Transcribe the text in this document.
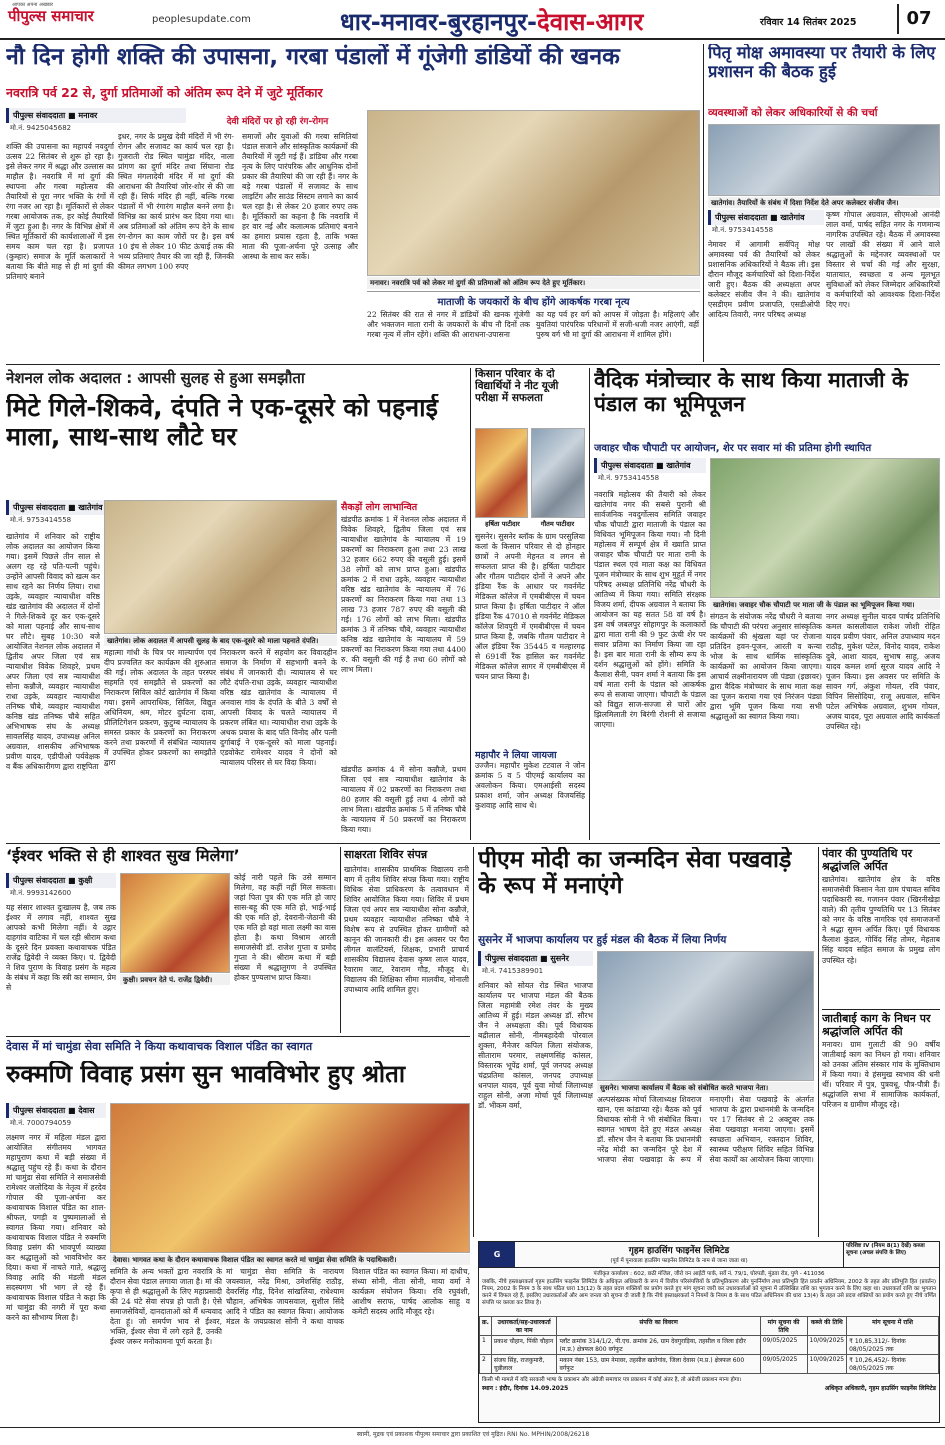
आपका अपना अखबार
पीपुल्स समाचार	peoplesupdate.com	धार-मनावर-बुरहानपुर-देवास-आगर	रविवार 14 सितंबर 2025	07
नौ दिन होगी शक्ति की उपासना, गरबा पंडालों में गूंजेगी डांडियों की खनक
नवरात्रि पर्व 22 से, दुर्गा प्रतिमाओं को अंतिम रूप देने में जुटे मूर्तिकार
पीपुल्स संवाददाता ■ मनावर
मो.नं. 9425045682
देवी मंदिरों पर हो रही रंग-रोगन
शक्ति की उपासना का महापर्व नवदुर्गा उत्सव 22 सितंबर से शुरू हो रहा है। इसे लेकर नगर में श्रद्धा और उल्लास का माहौल है। नवरात्रि में मां दुर्गा की स्थापना और गरबा महोत्सव की तैयारियों से पूरा नगर भक्ति के रंगों में रंगा नजर आ रहा है। मूर्तिकारों से लेकर गरबा आयोजक तक, हर कोई तैयारियों में जुटा हुआ है। नगर के विभिन्न क्षेत्रों में स्थित मूर्तिकारों की कार्यशालाओं में इस समय काम चल रहा है। प्रजापत (कुम्हार) समाज के मूर्ति कलाकारों ने बताया कि बीते माह से ही मां दुर्गा की प्रतिमाएं बनाने
इधर, नगर के प्रमुख देवी मंदिरों में भी रंग-रोगन और सजावट का कार्य चल रहा है। गुजराती रोड स्थित चामुंडा मंदिर, नाला प्रांगण का दुर्गा मंदिर तथा सिंघाना रोड स्थित मंगलादेवी मंदिर में मां दुर्गा की आराधना की तैयारियां जोर-शोर से की जा रही हैं। सिर्फ मंदिर ही नहीं, बल्कि गरबा पंडालों में भी रंगारंग माहौल बनने लगा है। विभिन्न का कार्य प्रारंभ कर दिया गया था। अब प्रतिमाओं को अंतिम रूप देने के साथ रंग-रोगन का काम जोरों पर है। इस वर्ष 10 इंच से लेकर 10 फीट ऊंचाई तक की भव्य प्रतिमाएं तैयार की जा रही हैं, जिनकी कीमत लगभग 100 रुपए
समाजों और युवाओं की गरबा समितियां पंडाल सजाने और सांस्कृतिक कार्यक्रमों की तैयारियों में जुटी गई हैं। डांडिया और गरबा नृत्य के लिए पारंपरिक और आधुनिक दोनों प्रकार की तैयारियां की जा रही हैं। नगर के बड़े गरबा पंडालों में सजावट के साथ लाइटिंग और साउंड सिस्टम लगाने का कार्य चल रहा है। से लेकर 20 हजार रुपए तक है। मूर्तिकारों का कहना है कि नवरात्रि में हर वार नई और कलात्मक प्रतिमाएं बनाने का हमारा प्रयास रहता है, ताकि भक्त माता की पूजा-अर्चना पूरे उत्साह और आस्था के साथ कर सकें।
मनावर। नवरात्रि पर्व को लेकर मां दुर्गा की प्रतिमाओं को अंतिम रूप देते हुए मूर्तिकार।
माताजी के जयकारों के बीच होंगे आकर्षक गरबा नृत्य
22 सितंबर की रात से नगर में डांडियों की खनक गूंजेगी और भक्तजन माता रानी के जयकारों के बीच नौ दिनों तक गरबा नृत्य में लीन रहेंगे। शक्ति की आराधना-उपासना
का यह पर्व हर वर्ग को आपस में जोड़ता है। महिलाएं और युवतियां पारंपरिक परिधानों में सजी-धजी नजर आएंगी, वहीं पुरुष वर्ग भी मां दुर्गा की आराधना में शामिल होंगे।
पितृ मोक्ष अमावस्या पर तैयारी के लिए प्रशासन की बैठक हुई
व्यवस्थाओं को लेकर अधिकारियों से की चर्चा
खातेगांव। तैयारियों के संबंध में दिशा निर्देश देते अपर कलेक्टर संजीव जैन।
पीपुल्स संवाददाता ■ खातेगांव
मो.नं. 9753414558
नेमावर में आगामी सर्वपितृ मोक्ष अमावस्या पर्व की तैयारियों को लेकर प्रशासनिक अधिकारियों ने बैठक ली। इस दौरान मौजूद कर्मचारियों को दिशा-निर्देश जारी हुए। बैठक की अध्यक्षता अपर कलेक्टर संजीव जैन ने की। खातेगांव एसडीएम प्रवीण प्रजापति, एसडीओपी आदित्य तिवारी, नगर परिषद अध्यक्ष
कृष्ण गोपाल अग्रवाल, सीएमओ आनंदी लाल वर्मा, पार्षद सहित नगर के गणमान्य नागरिक उपस्थित रहे। बैठक में अमावस्या पर लाखों की संख्या में आने वाले श्रद्धालुओं के मद्देनजर व्यवस्थाओं पर विस्तार से चर्चा की गई और सुरक्षा, यातायात, स्वच्छता व अन्य मूलभूत सुविधाओं को लेकर जिम्मेदार अधिकारियों व कर्मचारियों को आवश्यक दिशा-निर्देश दिए गए।
नेशनल लोक अदालत : आपसी सुलह से हुआ समझौता
मिटे गिले-शिकवे, दंपति ने एक-दूसरे को पहनाई माला, साथ-साथ लौटे घर
पीपुल्स संवाददाता ■ खातेगांव
मो.नं. 9753414558
खातेगांव में शनिवार को राष्ट्रीय लोक अदालत का आयोजन किया गया। इसमें पिछले तीन साल से अलग रह रहे पति-पत्नी पहुंचे। उन्होंने आपसी विवाद को खत्म कर साथ रहने का निर्णय लिया। राधा उइके, व्यवहार न्यायाधीश वरिष्ठ खंड खातेगांव की अदालत में दोनों ने गिले-शिकवे दूर कर एक-दूसरे को माला पहनाई और साथ-साथ घर लौटे। सुबह 10:30 बजे आयोजित नेशनल लोक अदालत में द्वितीय अपर जिला एवं सत्र न्यायाधीश विवेक शिवहरे, प्रथम अपर जिला एवं सत्र न्यायाधीश सोना कन्नौजे, व्यवहार न्यायाधीश राधा उइके, व्यवहार न्यायाधीश तनिष्क चौबे, व्यवहार न्यायाधीश कनिष्ठ खंड तनिष्क चौबे सहित अभिभाषक संघ के अध्यक्ष सावलसिंह यादव, उपाध्यक्ष अनिल अग्रवाल, शासकीय अभिभाषक प्रवीण यादव, एडीपीओ पर्यवेक्षक व बैंक अधिकारीगण द्वारा राष्ट्रपिता
खातेगांव। लोक अदालत में आपसी सुलह के बाद एक-दूसरे को माला पहनाते दंपति।
महात्मा गांधी के चित्र पर माल्यार्पण एवं दीप प्रज्वलित कर कार्यक्रम की शुरुआत की गई। लोक अदालत के तहत परस्पर सहमति एवं समझौते से प्रकरणों का निराकरण सिविल कोर्ट खातेगांव में किया गया। इसमें आपराधिक, सिविल, विद्युत अधिनियम, श्रम, मोटर दुर्घटना दावा, प्रीलिटिगेशन प्रकरण, कुटुम्ब न्यायालय के समस्त प्रकार के प्रकरणों का निराकरण करने तथा प्रकरणों में संबंधित न्यायालय में उपस्थित होकर प्रकरणों का समझौते द्वारा
निराकरण करने में सहयोग कर विवादहीन समाज के निर्माण में सहभागी बनने के संबंध में जानकारी दी। न्यायालय से घर लौटे दंपति-राधा उइके, व्यवहार न्यायाधीश वरिष्ठ खंड खातेगांव के न्यायालय में अनवास गांव के दंपति के बीते 3 वर्षों से आपसी विवाद के चलते न्यायालय में प्रकरण लंबित था। न्यायाधीश राधा उइके के अथक प्रयास के बाद पति विनोद और पत्नी दुर्गाबाई ने एक-दूसरे को माला पहनाई। एडवोकेट रामेश्वर यादव ने दोनों को न्यायालय परिसर से घर विदा किया।
सैकड़ों लोग लाभान्वित
खंडपीठ क्रमांक 1 में नेशनल लोक अदालत में विवेक शिवहरे, द्वितीय जिला एवं सत्र न्यायाधीश खातेगांव के न्यायालय में 19 प्रकरणों का निराकरण हुआ तथा 23 लाख 32 हजार 662 रुपए की वसूली हुई। इसमें 38 लोगों को लाभ प्राप्त हुआ। खंडपीठ क्रमांक 2 में राधा उइके, व्यवहार न्यायाधीश वरिष्ठ खंड खातेगांव के न्यायालय में 76 प्रकरणों का निराकरण किया गया तथा 13 लाख 73 हजार 787 रुपए की वसूली की गई। 176 लोगों को लाभ मिला। खंडपीठ क्रमांक 3 में तनिष्क चौबे, व्यवहार न्यायाधीश कनिष्ठ खंड खातेगांव के न्यायालय में 59 प्रकरणों का निराकरण किया गया तथा 4400 रु. की वसूली की गई है तथा 60 लोगों को लाभ मिला।
खंडपीठ क्रमांक 4 में सोना कन्नौजे, प्रथम जिला एवं सत्र न्यायाधीश खातेगांव के न्यायालय में 02 प्रकरणों का निराकरण तथा 80 हजार की वसूली हुई तथा 4 लोगों को लाभ मिला। खंडपीठ क्रमांक 5 में तनिष्क चौबे के न्यायालय में 50 प्रकरणों का निराकरण किया गया।
किसान परिवार के दो विद्यार्थियों ने नीट यूजी परीक्षा में सफलता
हर्षिता पाटीदार	गौतम पाटीदार
सुसनेर। सुसनेर ब्लॉक के ग्राम परसुलिया कलां के किसान परिवार से दो होनहार छात्रों ने अपनी मेहनत व लगन से सफलता प्राप्त की है। हर्षिता पाटीदार और गौतम पाटीदार दोनों ने अपने और इंडिया रैंक के आधार पर गवर्नमेंट मेडिकल कॉलेज में एमबीबीएस में चयन प्राप्त किया है। हर्षिता पाटीदार ने ऑल इंडिया रैंक 47010 से गवर्नमेंट मेडिकल कॉलेज शिवपुरी में एमबीबीएस में चयन प्राप्त किया है, जबकि गौतम पाटीदार ने ऑल इंडिया रैंक 35445 व मल्हारगढ़ से 691वीं रैंक हासिल कर गवर्नमेंट मेडिकल कॉलेज सागर में एमबीबीएस में चयन प्राप्त किया है।
महापौर ने लिया जायजा
उज्जैन। महापौर मुकेश टटवाल ने जोन क्रमांक 5 व 5 पीएमई कार्यालय का अवलोकन किया। एमआईसी सदस्य प्रकाश शर्मा, जोन अध्यक्ष विजयसिंह कुशवाह आदि साथ थे।
वैदिक मंत्रोच्चार के साथ किया माताजी के पंडाल का भूमिपूजन
जवाहर चौक चौपाटी पर आयोजन, शेर पर सवार मां की प्रतिमा होगी स्थापित
पीपुल्स संवाददाता ■ खातेगांव
मो.नं. 9753414558
नवरात्रि महोत्सव की तैयारी को लेकर खातेगांव नगर की सबसे पुरानी श्री सार्वजनिक नवदुर्गोत्सव समिति जवाहर चौक चौपाटी द्वारा माताजी के पंडाल का विधिवत भूमिपूजन किया गया। नौ दिनी महोत्सव में सम्पूर्ण क्षेत्र में ख्याति प्राप्त जवाहर चौक चौपाटी पर माता रानी के पंडाल स्थल एवं माता कक्ष का विधिवत पूजन मंत्रोच्चार के साथ शुभ मुहूर्त में नगर परिषद अध्यक्ष प्रतिनिधि नरेंद्र चौधरी के आतिथ्य में किया गया। समिति संरक्षक विजय शर्मा, दीपक अग्रवाल ने बताया कि आयोजन का यह सतत 58 वां वर्ष है। इस वर्ष जबलपुर सोहागपुर के कलाकारों द्वारा माता रानी की 9 फुट ऊंची शेर पर सवार प्रतिमा का निर्माण किया जा रहा है। इस बार माता रानी के सौम्य रूप के दर्शन श्रद्धालुओं को होंगे। समिति के कैलाश सैनी, पवन शर्मा ने बताया कि इस वर्ष माता रानी के पंडाल को आकर्षक रूप से सजाया जाएगा। चौपाटी के पंडाल को विद्युत साज-सज्जा से चारों ओर झिलमिलाती रंग बिरंगी रोशनी से सजाया जाएगा।
खातेगांव। जवाहर चौक चौपाटी पर माता जी के पंडाल का भूमिपूजन किया गया।
संगठन के संयोजक नरेंद्र चौधरी ने बताया कि चौपाटी की परंपरा अनुसार सांस्कृतिक कार्यक्रमों की श्रृंखला यहां पर रोजाना प्रतिदिन हवन-पूजन, आरती व कन्या भोज के साथ धार्मिक सांस्कृतिक कार्यक्रमों का आयोजन किया जाएगा। आचार्य लक्ष्मीनारायण जी पंड्या (इछावर) द्वारा वैदिक मंत्रोच्चार के साथ माता कक्ष का पूजन कराया गया एवं निरंजन पंड्या द्वारा भूमि पूजन किया गया सभी श्रद्धालुओं का स्वागत किया गया।
नगर अध्यक्ष सुनील यादव पार्षद प्रतिनिधि कमल कासलीवाल राकेश जोशी रोहित यादव प्रवीण पंवार, अनिल उपाध्याय मदन राठौड़, मुकेश पटेल, विनोद यादव, राकेश दुबे, आशा यादव, सुभाष साहू, अजय यादव कमल शर्मा सूरज यादव आदि ने पूजन किया। इस अवसर पर समिति के सावन गर्ग, अंकुश गोयल, रवि पंवार, विपिन सिसोदिया, राजू अग्रवाल, सचिन पटेल अभिषेक अग्रवाल, शुभम गोयल, अजय यादव, पूरा अग्रवाल आदि कार्यकर्ता उपस्थित रहे।
‘ईश्वर भक्ति से ही शाश्वत सुख मिलेगा’
पीपुल्स संवाददाता ■ कुक्षी
मो.नं. 9993142600
यह संसार शाश्वत दुःखालय है, जब तक ईश्वर में लगाव नहीं, शाश्वत सुख आपको कभी मिलेगा नहीं। ये उद्गार दाहगांव वाटिका में चल रही श्रीराम कथा के दूसरे दिन प्रवक्ता कथावाचक पंडित राजेंद्र द्विवेदी ने व्यक्त किए। पं. द्विवेदी ने शिव पुराण के विवाह प्रसंग के महत्व के संबंध में कहा कि स्त्री का सम्मान, प्रेम से
कुक्षी। प्रवचन देते पं. राजेंद्र द्विवेदी।
कोई नारी पहले कि उसे सम्मान मिलेगा, वह कहीं नहीं मिल सकता। जहां पिता पुत्र की एक मति हो जाए सास-बहू की एक मति हो, भाई-भाई की एक मति हो, देवरानी-जेठानी की एक मति हो वहां माता लक्ष्मी का वास होता है। कथा विश्राम आरती समाजसेवी डॉ. राजेश गुप्ता व प्रमोद गुप्ता ने की। श्रीराम कथा में बड़ी संख्या में श्रद्धालुगण ने उपस्थित होकर पुण्यलाभ प्राप्त किया।
साक्षरता शिविर संपन्न
खातेगांव। शासकीय प्राथमिक विद्यालय रानी बाग में तृतीय शिविर संपन्न किया गया। राष्ट्रीय विधिक सेवा प्राधिकरण के तत्वावधान में शिविर आयोजित किया गया। शिविर में प्रथम जिला एवं अपर सत्र न्यायाधीश सोना कन्नौजे, प्रथम व्यवहार न्यायाधीश तनिष्का चौबे ने विशेष रूप से उपस्थित होकर ग्रामीणों को कानून की जानकारी दी। इस अवसर पर पैरा लीगल वालंटियर्स, शिक्षक, प्रभारी प्राचार्य शासकीय विद्यालय देवास कृष्ण लाल यादव, रैवाराम जाट, रेवाराम गौड़, मौजूद थे। विद्यालय की शिक्षिका सीमा मालवीय, मोनाली उपाध्याय आदि शामिल हुए।
पीएम मोदी का जन्मदिन सेवा पखवाड़े के रूप में मनाएंगे
सुसनेर में भाजपा कार्यालय पर हुई मंडल की बैठक में लिया निर्णय
पीपुल्स संवाददाता ■ सुसनेर
मो.नं. 7415389901
शनिवार को सोयत रोड स्थित भाजपा कार्यालय पर भाजपा मंडल की बैठक जिला महामंत्री रमेश तंवर के मुख्य आतिथ्य में हुई। मंडल अध्यक्ष डॉ. सौरभ जैन ने अध्यक्षता की। पूर्व विधायक बद्रीलाल सोनी, नीमबहादेवी पोरवाल शुक्ला, मैनेजर कपिल जिला संयोजक, सीताराम परमार, लक्ष्मणसिंह कांसल, विस्तारक भूपेंद्र शर्मा, पूर्व जनपद अध्यक्ष चंद्रप्रतिमा कांसल, जनपद उपाध्यक्ष धनपाल यादव, पूर्व युवा मोर्चा जिलाध्यक्ष राहुल सोनी, अजा मोर्चा पूर्व जिलाध्यक्ष डॉ. भीकम वर्मा,
सुसनेर। भाजपा कार्यालय में बैठक को संबोधित करते भाजपा नेता।
अल्पसंख्यक मोर्चा जिलाध्यक्ष शिवराज खान, एस कांडाप्या रहे। बैठक को पूर्व विधायक सोनी ने भी संबोधित किया। स्वागत भाषण देते हुए मंडल अध्यक्ष डॉ. सौरभ जैन ने बताया कि प्रधानमंत्री नरेंद्र मोदी का जन्मदिन पूरे देश में भाजपा सेवा पखवाड़ा के रूप में मनाएगी। सेवा पखवाड़े के अंतर्गत भाजपा के द्वारा प्रधानमंत्री के जन्मदिन पर 17 सितंबर से 2 अक्टूबर तक सेवा पखवाड़ा मनाया जाएगा। इसमें स्वच्छता अभियान, रक्तदान शिविर, स्वास्थ्य परीक्षण शिविर सहित विभिन्न सेवा कार्यों का आयोजन किया जाएगा।
पंवार की पुण्यतिथि पर श्रद्धांजलि अर्पित
खातेगांव। खातेगांव क्षेत्र के वरिष्ठ समाजसेवी किसान नेता ग्राम पंचायत सचिव पदाधिकारी स्व. गजानन पंवार (खिरनीखेड़ा वाले) की तृतीय पुण्यतिथि पर 13 सितंबर को नगर के वरिष्ठ नागरिक एवं समाजजनों ने श्रद्धा सुमन अर्पित किए। पूर्व विधायक कैलाश कुंडल, गोविंद सिंह तोमर, मेहताब सिंह यादव सहित समाज के प्रमुख लोग उपस्थित रहे।
जातीबाई काग के निधन पर श्रद्धांजलि अर्पित की
मनावर। ग्राम गुलाटी की 90 वर्षीय जातीबाई काग का निधन हो गया। शनिवार को उनका अंतिम संस्कार गांव के मुक्तिधाम में किया गया। वे हंसमुख स्वभाव की धनी थीं। परिवार में पुत्र, पुत्रवधू, पौत्र-पौत्री हैं। श्रद्धांजलि सभा में सामाजिक कार्यकर्ता, परिजन व ग्रामीण मौजूद रहे।
देवास में मां चामुंडा सेवा समिति ने किया कथावाचक विशाल पंडित का स्वागत
रुक्मणि विवाह प्रसंग सुन भावविभोर हुए श्रोता
पीपुल्स संवाददाता ■ देवास
मो.नं. 7000794059
लक्ष्मण नगर में महिला मंडल द्वारा आयोजित संगीतमय भागवत महापुराण कथा में बड़ी संख्या में श्रद्धालु पहुंच रहे हैं। कथा के दौरान मां चामुंडा सेवा समिति ने समाजसेवी रामेश्वर जलोदिया के नेतृत्व में हरदेव गोपाल की पूजा-अर्चना कर कथावाचक विशाल पंडित का शाल-श्रीफल, पगड़ी व पुष्पमालाओं से स्वागत किया गया। शनिवार को कथावाचक विशाल पंडित ने रुक्मणि विवाह प्रसंग की भावपूर्ण व्याख्या कर श्रद्धालुओं को भावविभोर कर दिया। कथा में नाचते गाते, श्रद्धालु विवाह आदि की मंडली मंडल सदस्यगण भी भाग ले रहे हैं। कथावाचक विशाल पंडित ने कहा कि मां चामुंडा की नगरी में पूरा कथा करने का सौभाग्य मिला है।
देवास। भागवत कथा के दौरान कथावाचक विशाल पंडित का स्वागत करते मां चामुंडा सेवा समिति के पदाधिकारी।
समिति के अन्य भक्तों द्वारा नवरात्रि के दौरान सेवा पंडाल लगाया जाता है। मां की कृपा से ही श्रद्धालुओं के लिए महाप्रसादी की 24 घंटे सेवा संपन्न हो पाती है। ऐसे समाजसेवियों, दानदाताओं को मैं धन्यवाद देता हूं। जो समर्पण भाव से ईश्वर, भक्ति, ईश्वर सेवा में लगे रहते हैं, उनकी ईश्वर जरूर मनोकामना पूर्ण करता है।
मां चामुंडा सेवा समिति के नारायण जयस्वाल, नरेंद्र मिश्रा, उमेशसिंह राठौड़, देवरसिंह गौड़, दिनेश सांखलिया, राधेश्याम चौहान, अभिषेक जायसवाल, सुशील सिंदे आदि ने पंडित का स्वागत किया। आयोजक मंडल के जयप्रकाश सोनी ने कथा वाचक विशाल पंडित का स्वागत किया। मां दाधीच, संध्या सोनी, नीता सोनी, माया वर्मा ने कार्यक्रम संयोजन किया। रवि रघुवंशी, आशीष सराफ, पार्षद आलोक साहू व कमेटी सदस्य आदि मौजूद रहे।
G	गृहम हाउसिंग फाइनेंस लिमिटेड
(पूर्व में पूनावाला हाउसिंग फाइनेंस लिमिटेड के नाम से जाना जाता था)
परिशिष्ट IV (नियम 8(1) देखें) कब्जा सूचना (अचल संपत्ति के लिए)
पंजीकृत कार्यालय : 602, छठी मंजिल, जीरो वन आईटी पार्क, सर्वे नं. 79/1, घोरपडी, मुंढवा रोड, पुणे - 411036
जबकि, नीचे हस्ताक्षरकर्ता गृहम हाउसिंग फाइनेंस लिमिटेड के अधिकृत अधिकारी के रूप में वित्तीय परिसंपत्तियों के प्रतिभूतिकरण और पुनर्निर्माण तथा प्रतिभूति हित प्रवर्तन अधिनियम, 2002 के तहत और प्रतिभूति हित (प्रवर्तन) नियम, 2002 के नियम 3 के साथ पठित धारा 13(12) के तहत प्रदत्त शक्तियों का प्रयोग करते हुए मांग सूचना जारी कर उधारकर्ताओं को सूचना में उल्लिखित राशि का भुगतान करने के लिए कहा था। उधारकर्ता राशि का भुगतान करने में विफल रहे हैं, इसलिए उधारकर्ताओं और आम जनता को सूचना दी जाती है कि नीचे हस्ताक्षरकर्ता ने नियमों के नियम 8 के साथ पठित अधिनियम की धारा 13(4) के तहत उसे प्रदत्त शक्तियों का प्रयोग करते हुए नीचे वर्णित संपत्ति पर कब्जा कर लिया है।
क्र.	उधारकर्ता/सह-उधारकर्ता का नाम	संपत्ति का विवरण	मांग सूचना की तिथि	कब्जे की तिथि	मांग सूचना में राशि
1	प्रकाश चौहान, पिंकी चौहान	प्लॉट क्रमांक 314/1/2, पी.एच. क्रमांक 26, ग्राम देवगुराड़िया, तहसील व जिला इंदौर (म.प्र.) क्षेत्रफल 800 वर्गफुट	09/05/2025	10/09/2025	₹ 10,85,312/- दिनांक 08/05/2025 तक
2	संजय सिंह, राजकुमारी, चुन्नीलाल	मकान नंबर 153, ग्राम नेमावर, तहसील खातेगांव, जिला देवास (म.प्र.) क्षेत्रफल 600 वर्गफुट	09/05/2025	10/09/2025	₹ 10,26,452/- दिनांक 08/05/2025 तक
किसी भी मामले में यदि सरकारी भाषा के प्रकाशन और अंग्रेजी समाचार पत्र प्रकाशन में कोई अंतर है, तो अंग्रेजी प्रकाशन मान्य होगा।
स्थान : इंदौर, दिनांक 14.09.2025	अधिकृत अधिकारी, गृहम हाउसिंग फाइनेंस लिमिटेड
स्वामी, मुद्रक एवं प्रकाशक पीपुल्स समाचार द्वारा प्रकाशित एवं मुद्रित। RNI No. MPHIN/2008/26218
